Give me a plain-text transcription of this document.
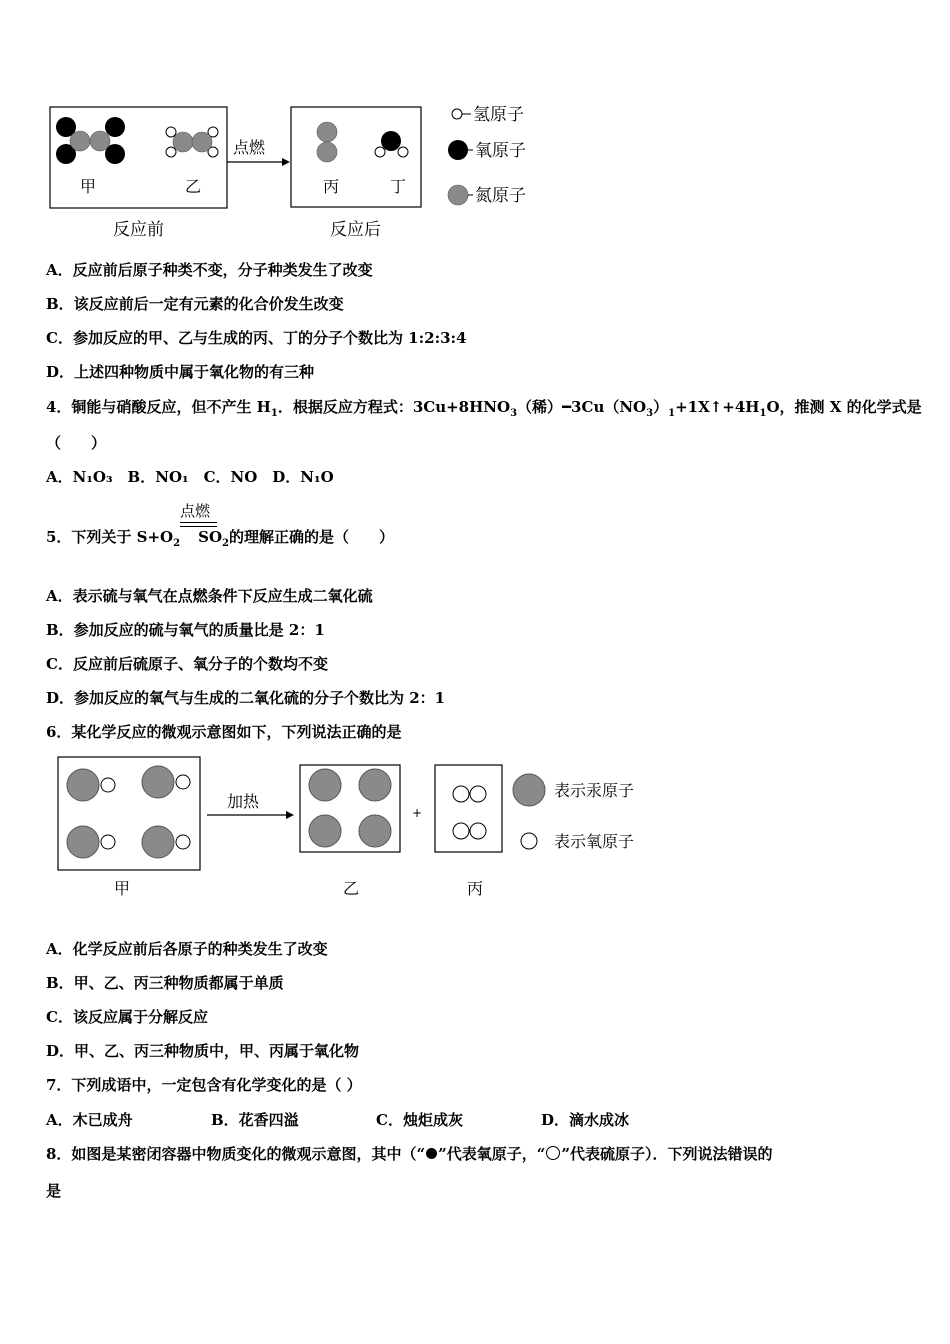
甲	乙
点燃
丙	丁
反应前	反应后
氢原子
氧原子
氮原子
A．反应前后原子种类不变，分子种类发生了改变
B．该反应前后一定有元素的化合价发生改变
C．参加反应的甲、乙与生成的丙、丁的分子个数比为 1:2:3:4
D．上述四种物质中属于氧化物的有三种
4．铜能与硝酸反应，但不产生 $H_1$．根据反应方程式：$3Cu+8HNO_3$（稀）$━3Cu(NO_3)_1+1X↑+4H_1O$，推测 X 的化学式是
（　　）
A．N₁O₃　B．NO₁　C．NO　D．N₁O
5．下列关于 $S+O_2$ $SO_2$的理解正确的是（　　）
点燃
A．表示硫与氧气在点燃条件下反应生成二氧化硫
B．参加反应的硫与氧气的质量比是 2：1
C．反应前后硫原子、氧分子的个数均不变
D．参加反应的氧气与生成的二氧化硫的分子个数比为 2：1
6．某化学反应的微观示意图如下，下列说法正确的是
加热
+
甲	乙	丙
表示汞原子
表示氧原子
A．化学反应前后各原子的种类发生了改变
B．甲、乙、丙三种物质都属于单质
C．该反应属于分解反应
D．甲、乙、丙三种物质中，甲、丙属于氧化物
7．下列成语中，一定包含有化学变化的是（ ）
A．木已成舟	B．花香四溢	C．烛炬成灰	D．滴水成冰
8．如图是某密闭容器中物质变化的微观示意图，其中（“ ”代表氧原子，“ ”代表硫原子）．下列说法错误的
是
